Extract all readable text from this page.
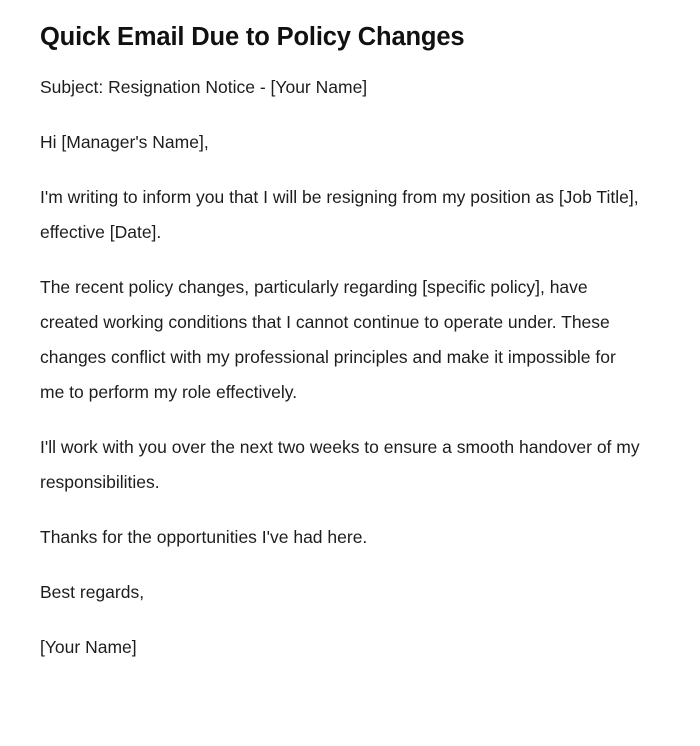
Quick Email Due to Policy Changes

Subject: Resignation Notice - [Your Name]

Hi [Manager's Name],

I'm writing to inform you that I will be resigning from my position as [Job Title], effective [Date].

The recent policy changes, particularly regarding [specific policy], have created working conditions that I cannot continue to operate under. These changes conflict with my professional principles and make it impossible for me to perform my role effectively.

I'll work with you over the next two weeks to ensure a smooth handover of my responsibilities.

Thanks for the opportunities I've had here.

Best regards,

[Your Name]
